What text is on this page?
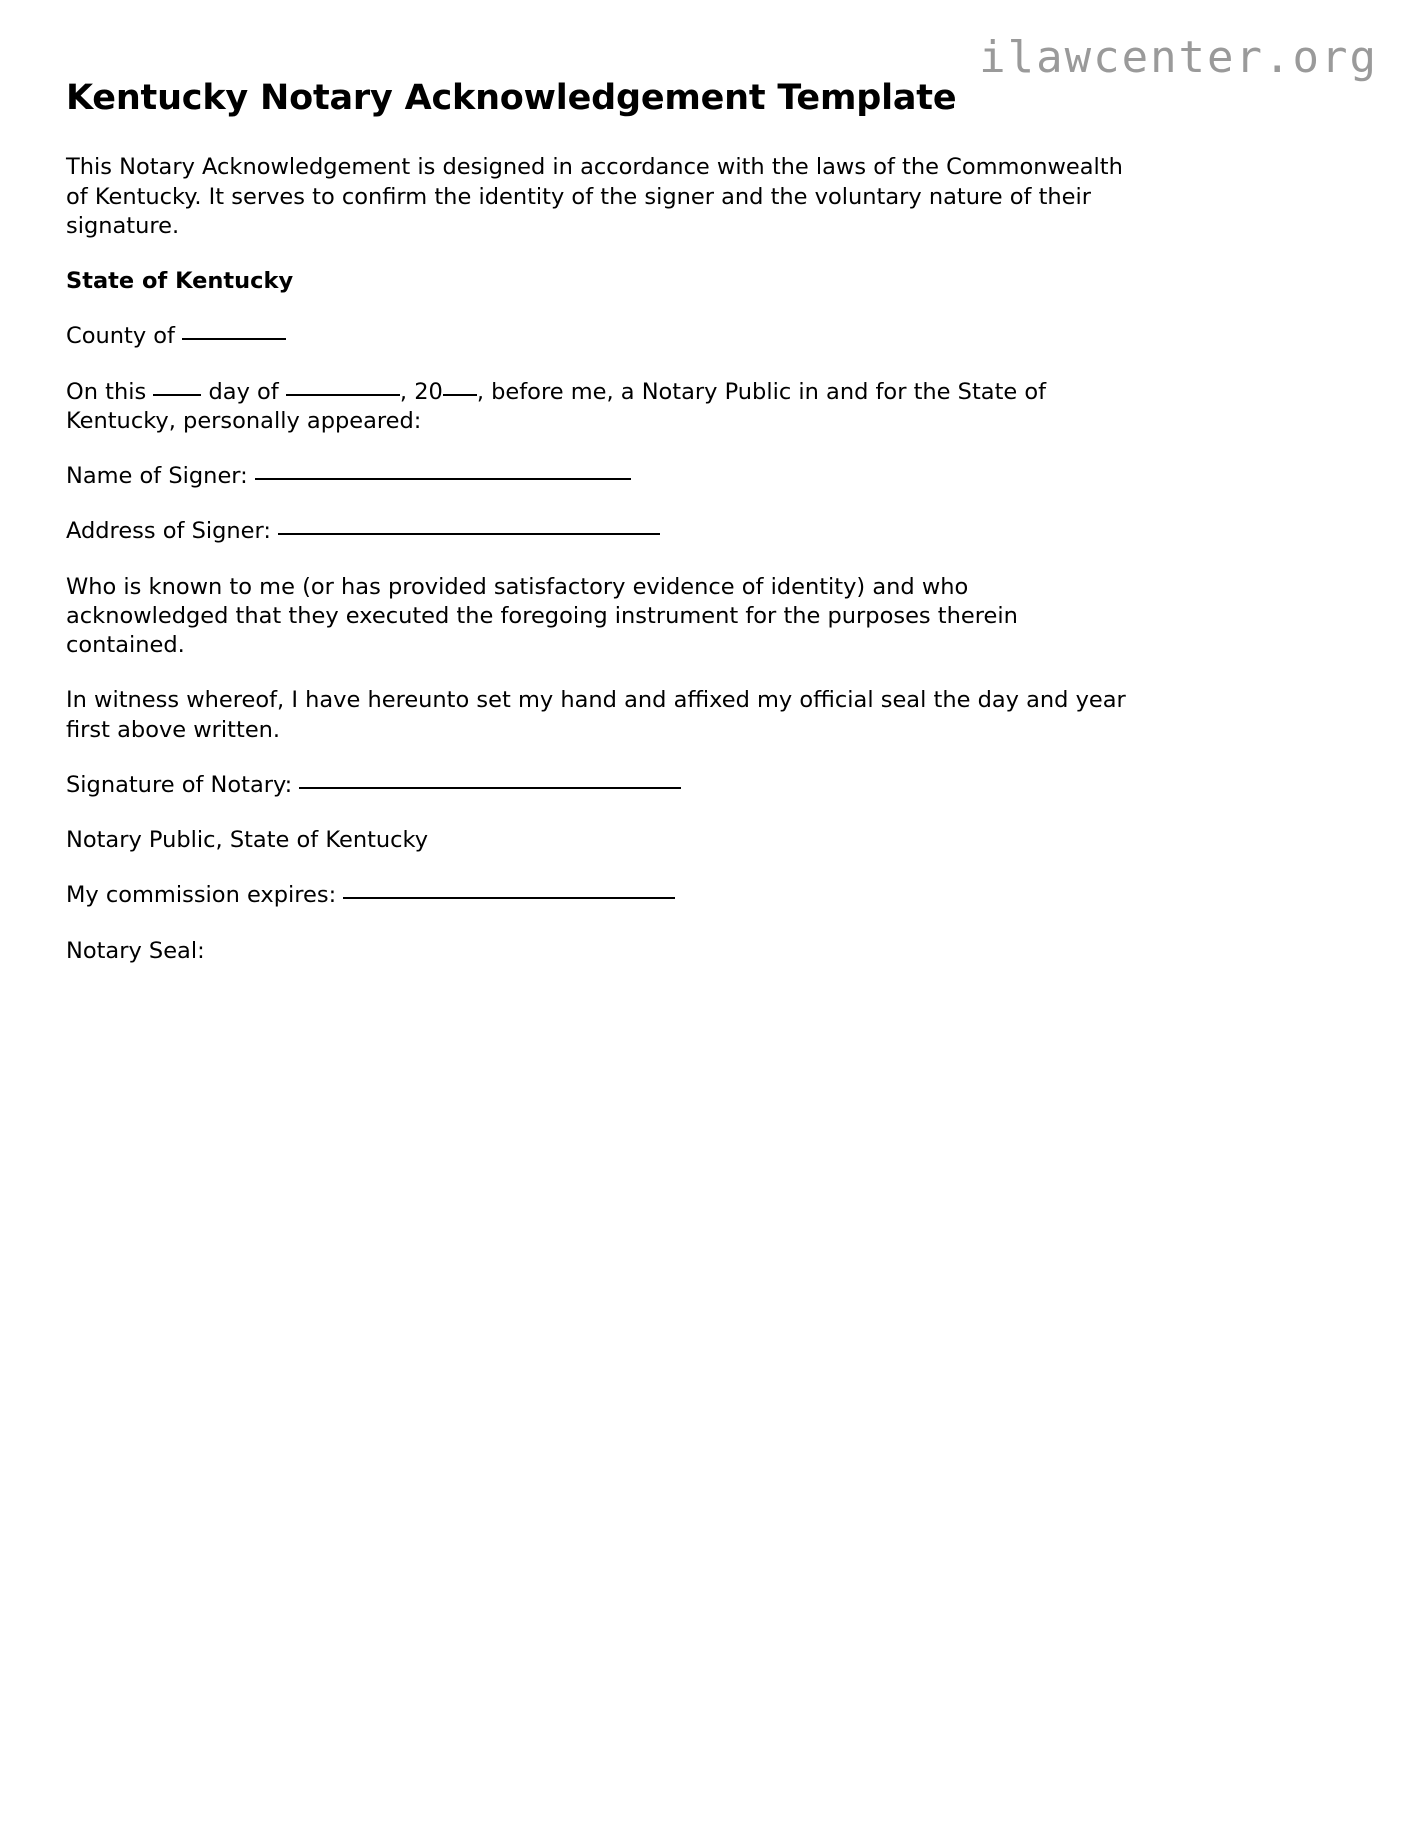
ilawcenter.org
Kentucky Notary Acknowledgement Template

This Notary Acknowledgement is designed in accordance with the laws of the Commonwealth of Kentucky. It serves to confirm the identity of the signer and the voluntary nature of their signature.

State of Kentucky

County of

On this	day of	, 20 , before me, a Notary Public in and for the State of Kentucky, personally appeared:

Name of Signer:

Address of Signer:

Who is known to me (or has provided satisfactory evidence of identity) and who acknowledged that they executed the foregoing instrument for the purposes therein contained.

In witness whereof, I have hereunto set my hand and affixed my official seal the day and year first above written.

Signature of Notary:

Notary Public, State of Kentucky

My commission expires:

Notary Seal:
